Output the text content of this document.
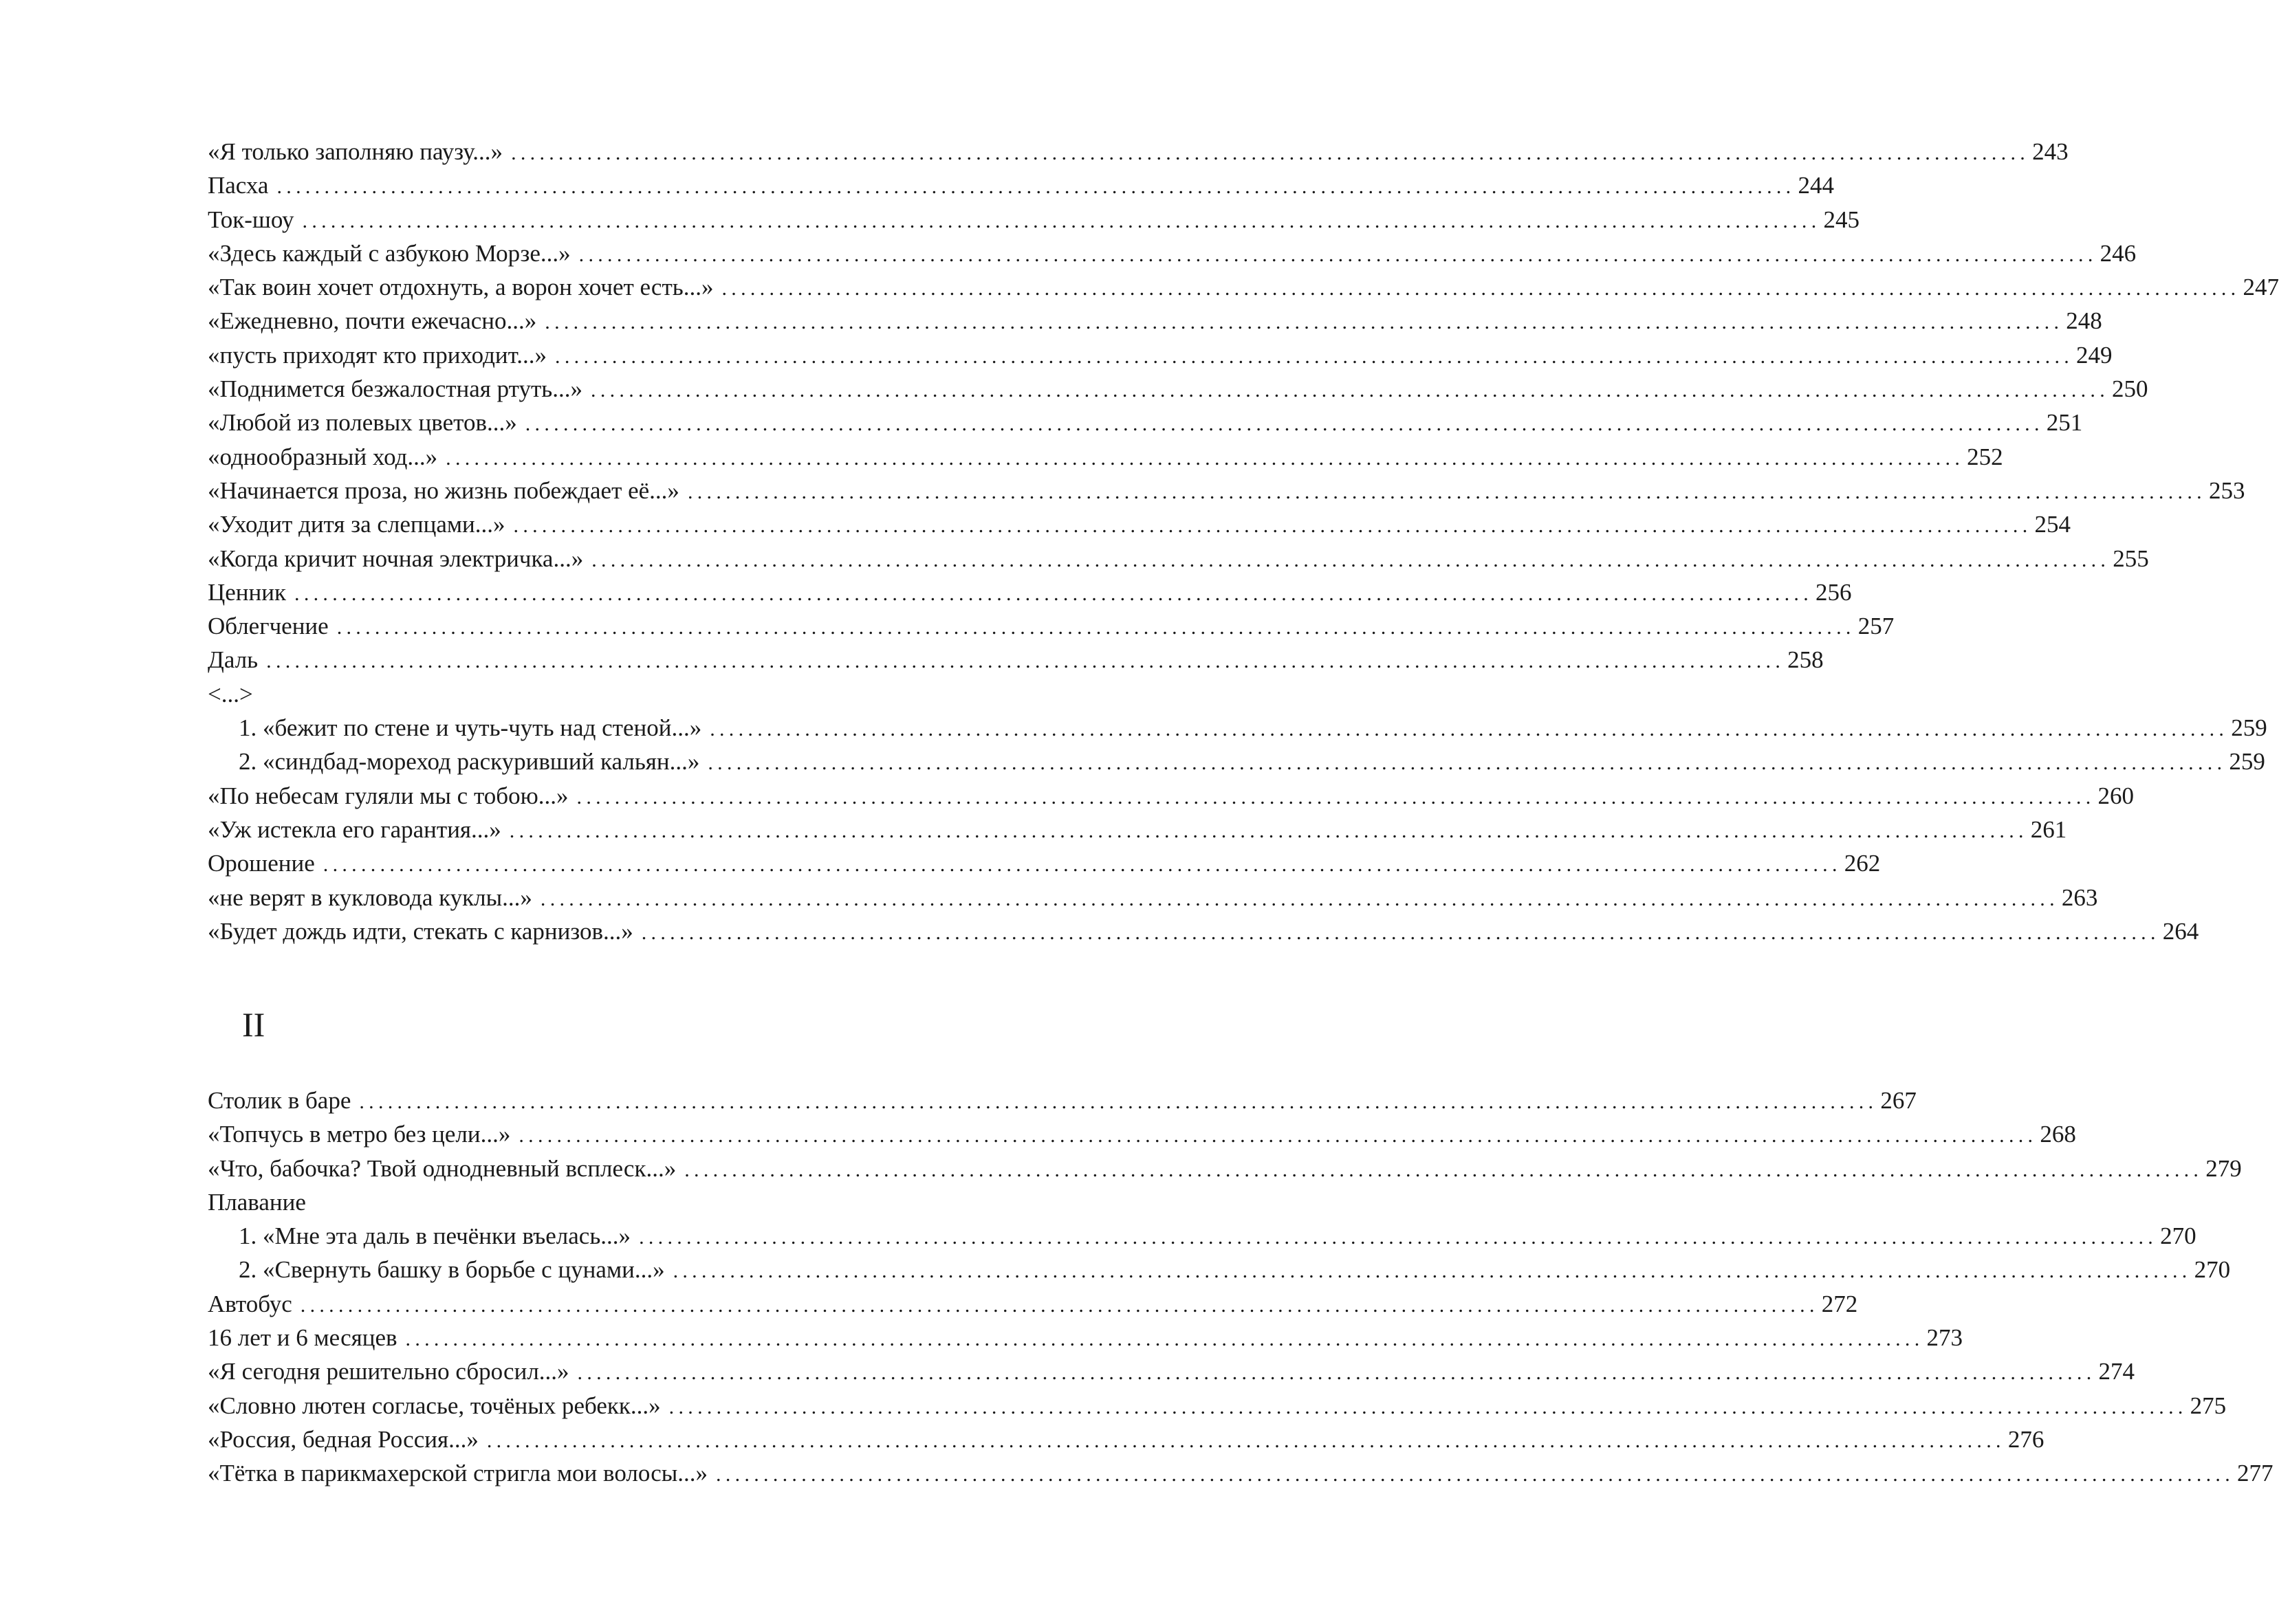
«Я только заполняю паузу...» ................................................................................................................................................................ 243
Пасха ................................................................................................................................................................ 244
Ток-шоу ................................................................................................................................................................ 245
«Здесь каждый с азбукою Морзе...» ................................................................................................................................................................ 246
«Так воин хочет отдохнуть, а ворон хочет есть...» ................................................................................................................................................................ 247
«Ежедневно, почти ежечасно...» ................................................................................................................................................................ 248
«пусть приходят кто приходит...» ................................................................................................................................................................ 249
«Поднимется безжалостная ртуть...» ................................................................................................................................................................ 250
«Любой из полевых цветов...» ................................................................................................................................................................ 251
«однообразный ход...» ................................................................................................................................................................ 252
«Начинается проза, но жизнь побеждает её...» ................................................................................................................................................................ 253
«Уходит дитя за слепцами...» ................................................................................................................................................................ 254
«Когда кричит ночная электричка...» ................................................................................................................................................................ 255
Ценник ................................................................................................................................................................ 256
Облегчение ................................................................................................................................................................ 257
Даль ................................................................................................................................................................ 258
<...>
1. «бежит по стене и чуть-чуть над стеной...» ................................................................................................................................................................ 259
2. «синдбад-мореход раскуривший кальян...» ................................................................................................................................................................ 259
«По небесам гуляли мы с тобою...» ................................................................................................................................................................ 260
«Уж истекла его гарантия...» ................................................................................................................................................................ 261
Орошение ................................................................................................................................................................ 262
«не верят в кукловода куклы...» ................................................................................................................................................................ 263
«Будет дождь идти, стекать с карнизов...» ................................................................................................................................................................ 264
II
Столик в баре ................................................................................................................................................................ 267
«Топчусь в метро без цели...» ................................................................................................................................................................ 268
«Что, бабочка? Твой однодневный всплеск...» ................................................................................................................................................................ 279
Плавание
1. «Мне эта даль в печёнки въелась...» ................................................................................................................................................................ 270
2. «Свернуть башку в борьбе с цунами...» ................................................................................................................................................................ 270
Автобус ................................................................................................................................................................ 272
16 лет и 6 месяцев ................................................................................................................................................................ 273
«Я сегодня решительно сбросил...» ................................................................................................................................................................ 274
«Словно лютен согласье, точёных ребекк...» ................................................................................................................................................................ 275
«Россия, бедная Россия...» ................................................................................................................................................................ 276
«Тётка в парикмахерской стригла мои волосы...» ................................................................................................................................................................ 277
